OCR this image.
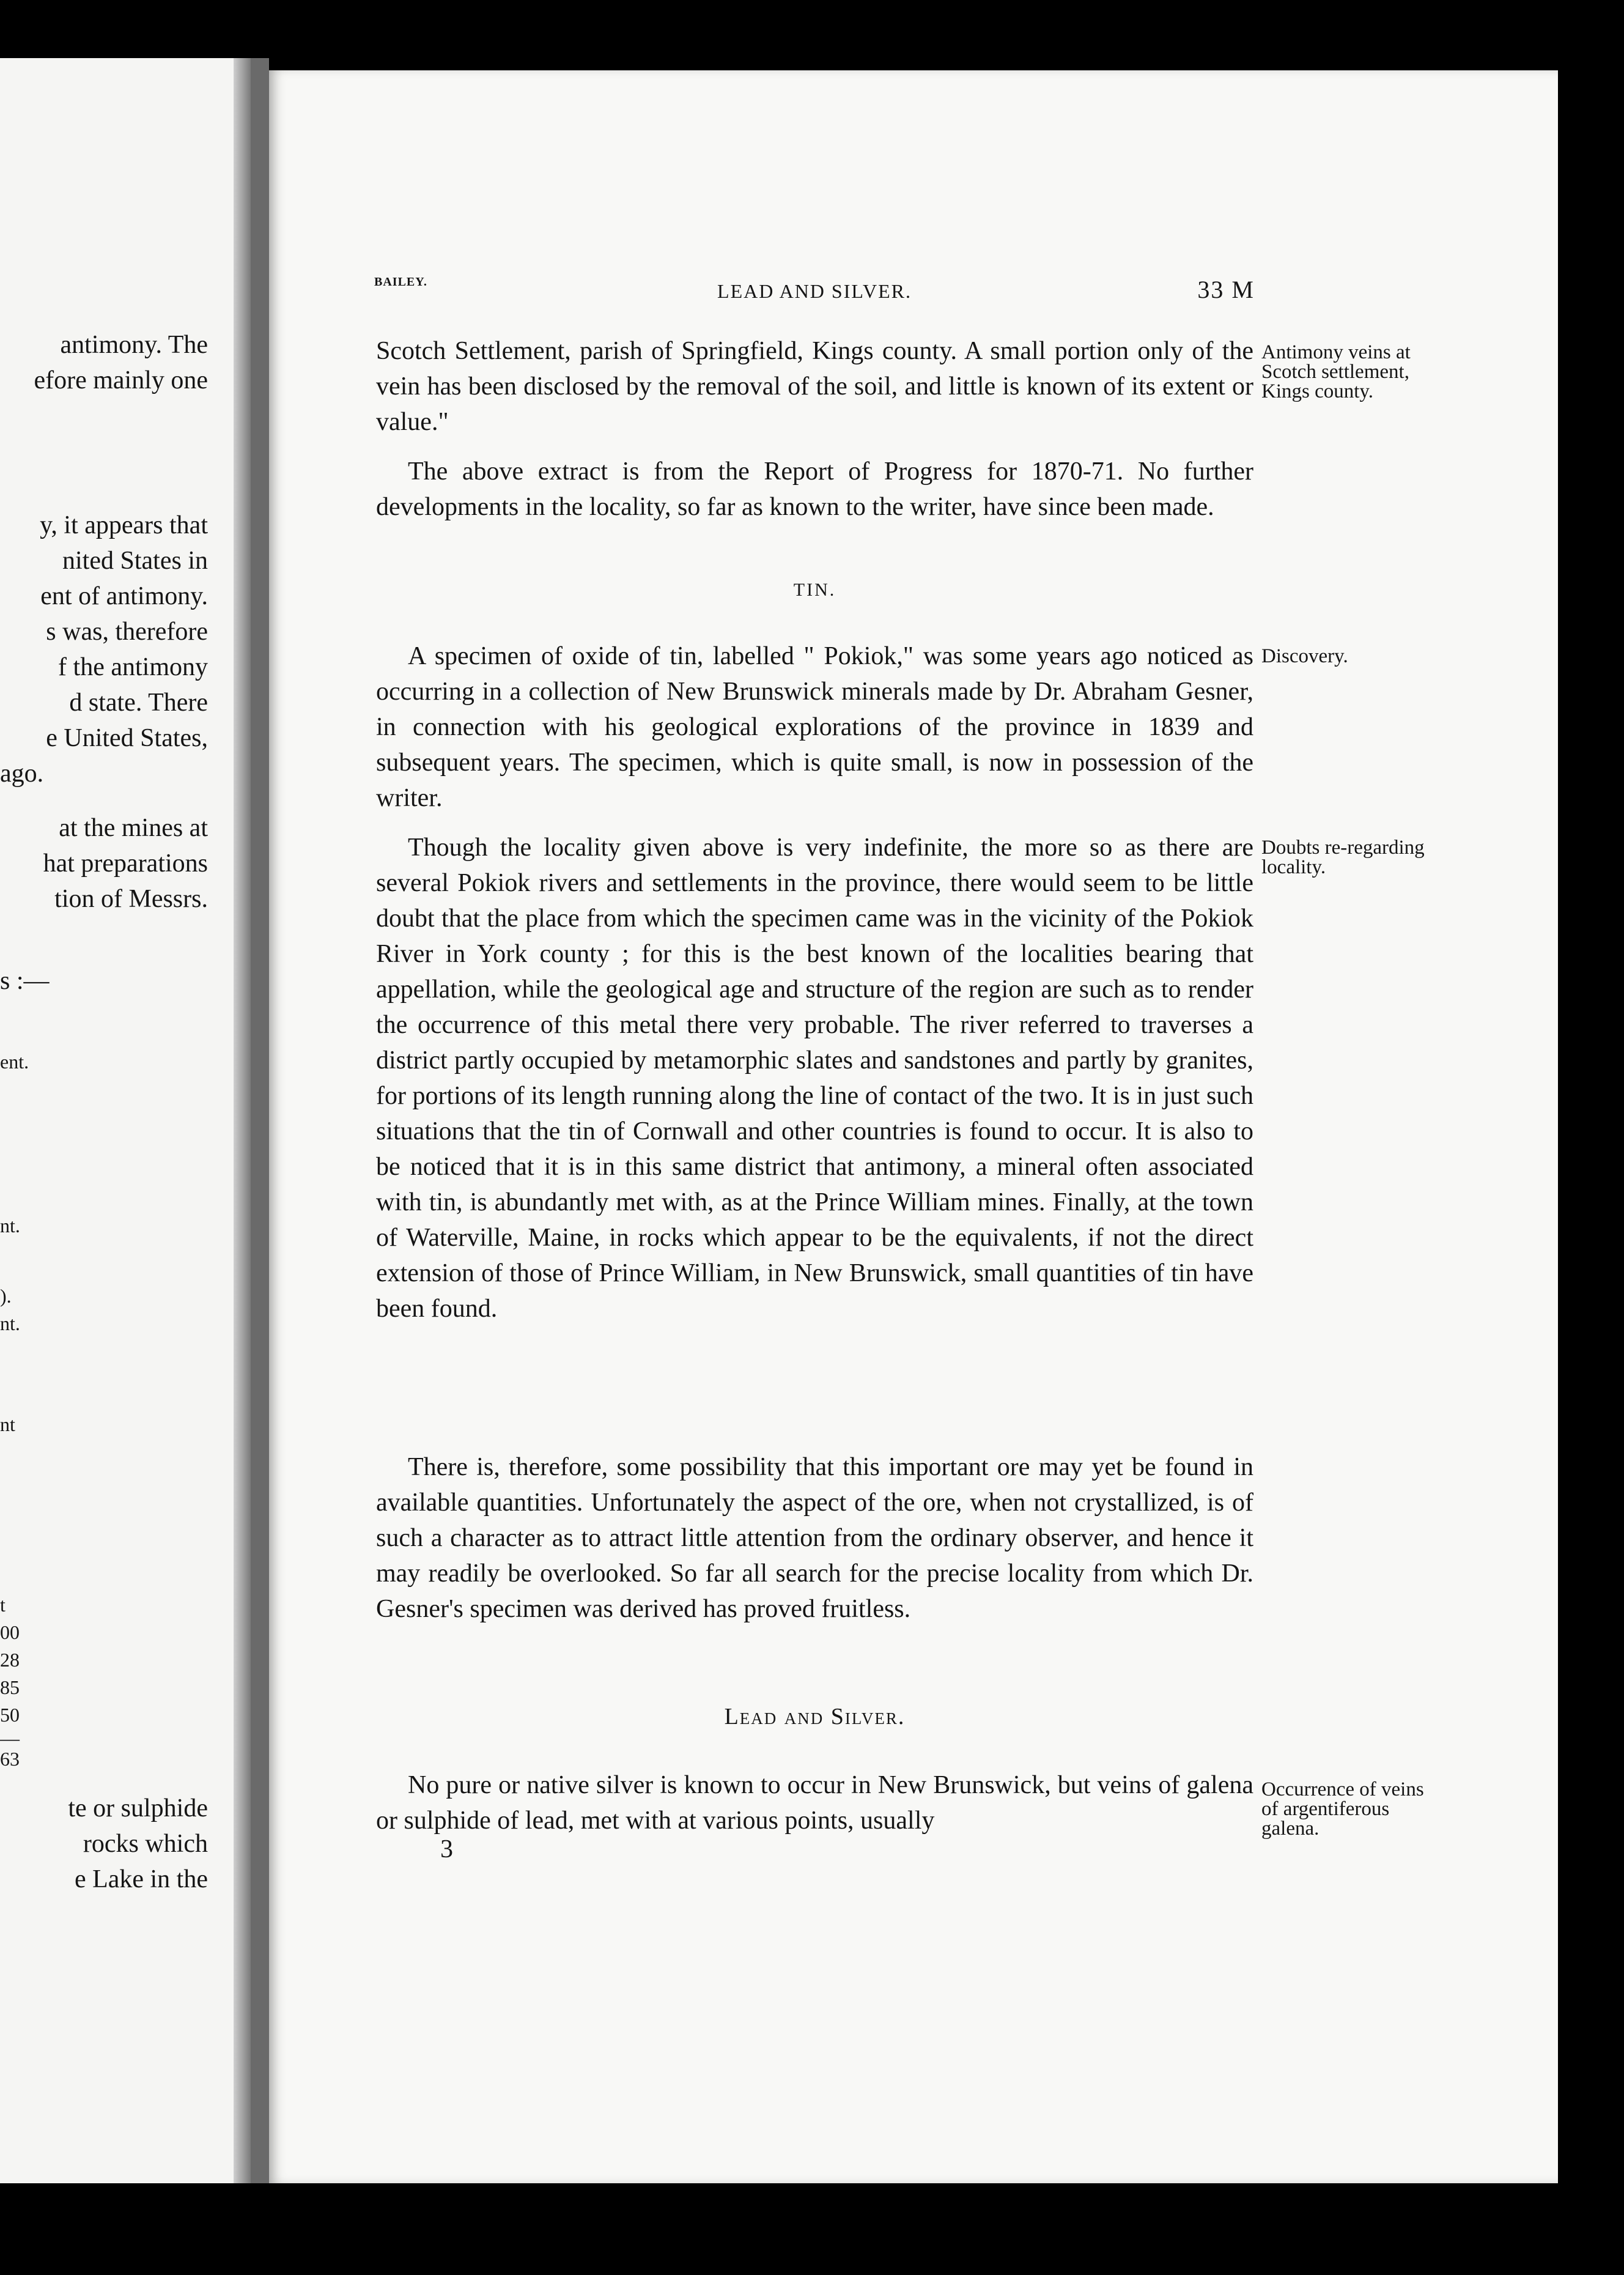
antimony. The
efore mainly one
y, it appears that
nited States in
ent of antimony.
s was, therefore
f the antimony
d state. There
e United States,
ago.
at the mines at
hat preparations
tion of Messrs.
s :—
ent.
nt.
).
nt.
nt
t
00
28
85
50
—
63
te or sulphide
rocks which
e Lake in the
BAILEY.	LEAD AND SILVER.	33 M

Scotch Settlement, parish of Springfield, Kings county. A small portion only of the vein has been disclosed by the removal of the soil, and little is known of its extent or value."

The above extract is from the Report of Progress for 1870-71. No further developments in the locality, so far as known to the writer, have since been made.

TIN.

A specimen of oxide of tin, labelled " Pokiok," was some years ago noticed as occurring in a collection of New Brunswick minerals made by Dr. Abraham Gesner, in connection with his geological explorations of the province in 1839 and subsequent years. The specimen, which is quite small, is now in possession of the writer.

Though the locality given above is very indefinite, the more so as there are several Pokiok rivers and settlements in the province, there would seem to be little doubt that the place from which the specimen came was in the vicinity of the Pokiok River in York county ; for this is the best known of the localities bearing that appellation, while the geological age and structure of the region are such as to render the occurrence of this metal there very probable. The river referred to traverses a district partly occupied by metamorphic slates and sandstones and partly by granites, for portions of its length running along the line of contact of the two. It is in just such situations that the tin of Cornwall and other countries is found to occur. It is also to be noticed that it is in this same district that antimony, a mineral often associated with tin, is abundantly met with, as at the Prince William mines. Finally, at the town of Waterville, Maine, in rocks which appear to be the equivalents, if not the direct extension of those of Prince William, in New Brunswick, small quantities of tin have been found.

There is, therefore, some possibility that this important ore may yet be found in available quantities. Unfortunately the aspect of the ore, when not crystallized, is of such a character as to attract little attention from the ordinary observer, and hence it may readily be overlooked. So far all search for the precise locality from which Dr. Gesner's specimen was derived has proved fruitless.

Lead and Silver.

No pure or native silver is known to occur in New Brunswick, but veins of galena or sulphide of lead, met with at various points, usually

3
Antimony veins at Scotch settlement, Kings county.
Discovery.
Doubts re-regarding locality.
Occurrence of veins of argentiferous galena.
